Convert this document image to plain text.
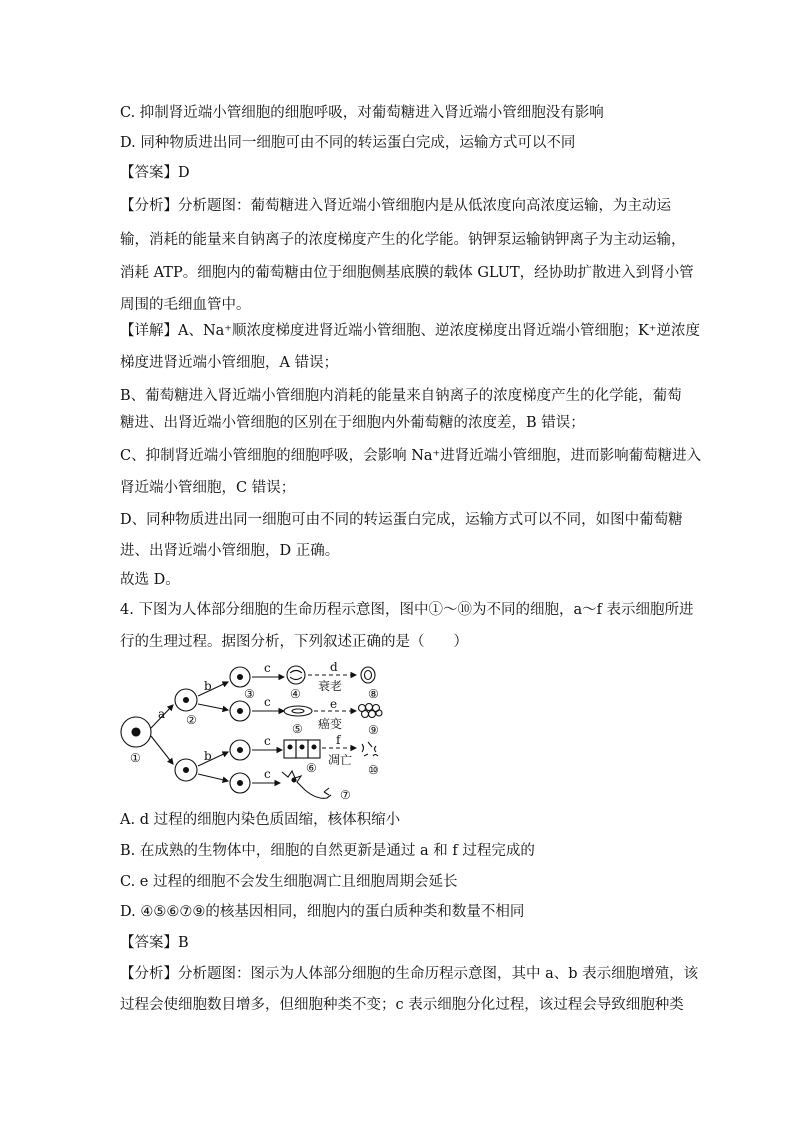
C. 抑制肾近端小管细胞的细胞呼吸，对葡萄糖进入肾近端小管细胞没有影响
D. 同种物质进出同一细胞可由不同的转运蛋白完成，运输方式可以不同
【答案】D
【分析】分析题图：葡萄糖进入肾近端小管细胞内是从低浓度向高浓度运输，为主动运
输，消耗的能量来自钠离子的浓度梯度产生的化学能。钠钾泵运输钠钾离子为主动运输，
消耗 ATP。细胞内的葡萄糖由位于细胞侧基底膜的载体 GLUT，经协助扩散进入到肾小管
周围的毛细血管中。
【详解】A、Na⁺顺浓度梯度进肾近端小管细胞、逆浓度梯度出肾近端小管细胞；K⁺逆浓度
梯度进肾近端小管细胞，A 错误；
B、葡萄糖进入肾近端小管细胞内消耗的能量来自钠离子的浓度梯度产生的化学能，葡萄
糖进、出肾近端小管细胞的区别在于细胞内外葡萄糖的浓度差，B 错误；
C、抑制肾近端小管细胞的细胞呼吸，会影响 Na⁺进肾近端小管细胞，进而影响葡萄糖进入
肾近端小管细胞，C 错误；
D、同种物质进出同一细胞可由不同的转运蛋白完成，运输方式可以不同，如图中葡萄糖
进、出肾近端小管细胞，D 正确。
故选 D。
4. 下图为人体部分细胞的生命历程示意图，图中①～⑩为不同的细胞，a～f 表示细胞所进
行的生理过程。据图分析，下列叙述正确的是（　　）
①
②
③	④
⑤
⑥
⑦
⑧
⑨
⑩
a
b
b
c
c
c
c
d
e
f
衰老
癌变
凋亡
A. d 过程的细胞内染色质固缩，核体积缩小
B. 在成熟的生物体中，细胞的自然更新是通过 a 和 f 过程完成的
C. e 过程的细胞不会发生细胞凋亡且细胞周期会延长
D. ④⑤⑥⑦⑨的核基因相同，细胞内的蛋白质种类和数量不相同
【答案】B
【分析】分析题图：图示为人体部分细胞的生命历程示意图，其中 a、b 表示细胞增殖，该
过程会使细胞数目增多，但细胞种类不变；c 表示细胞分化过程，该过程会导致细胞种类
